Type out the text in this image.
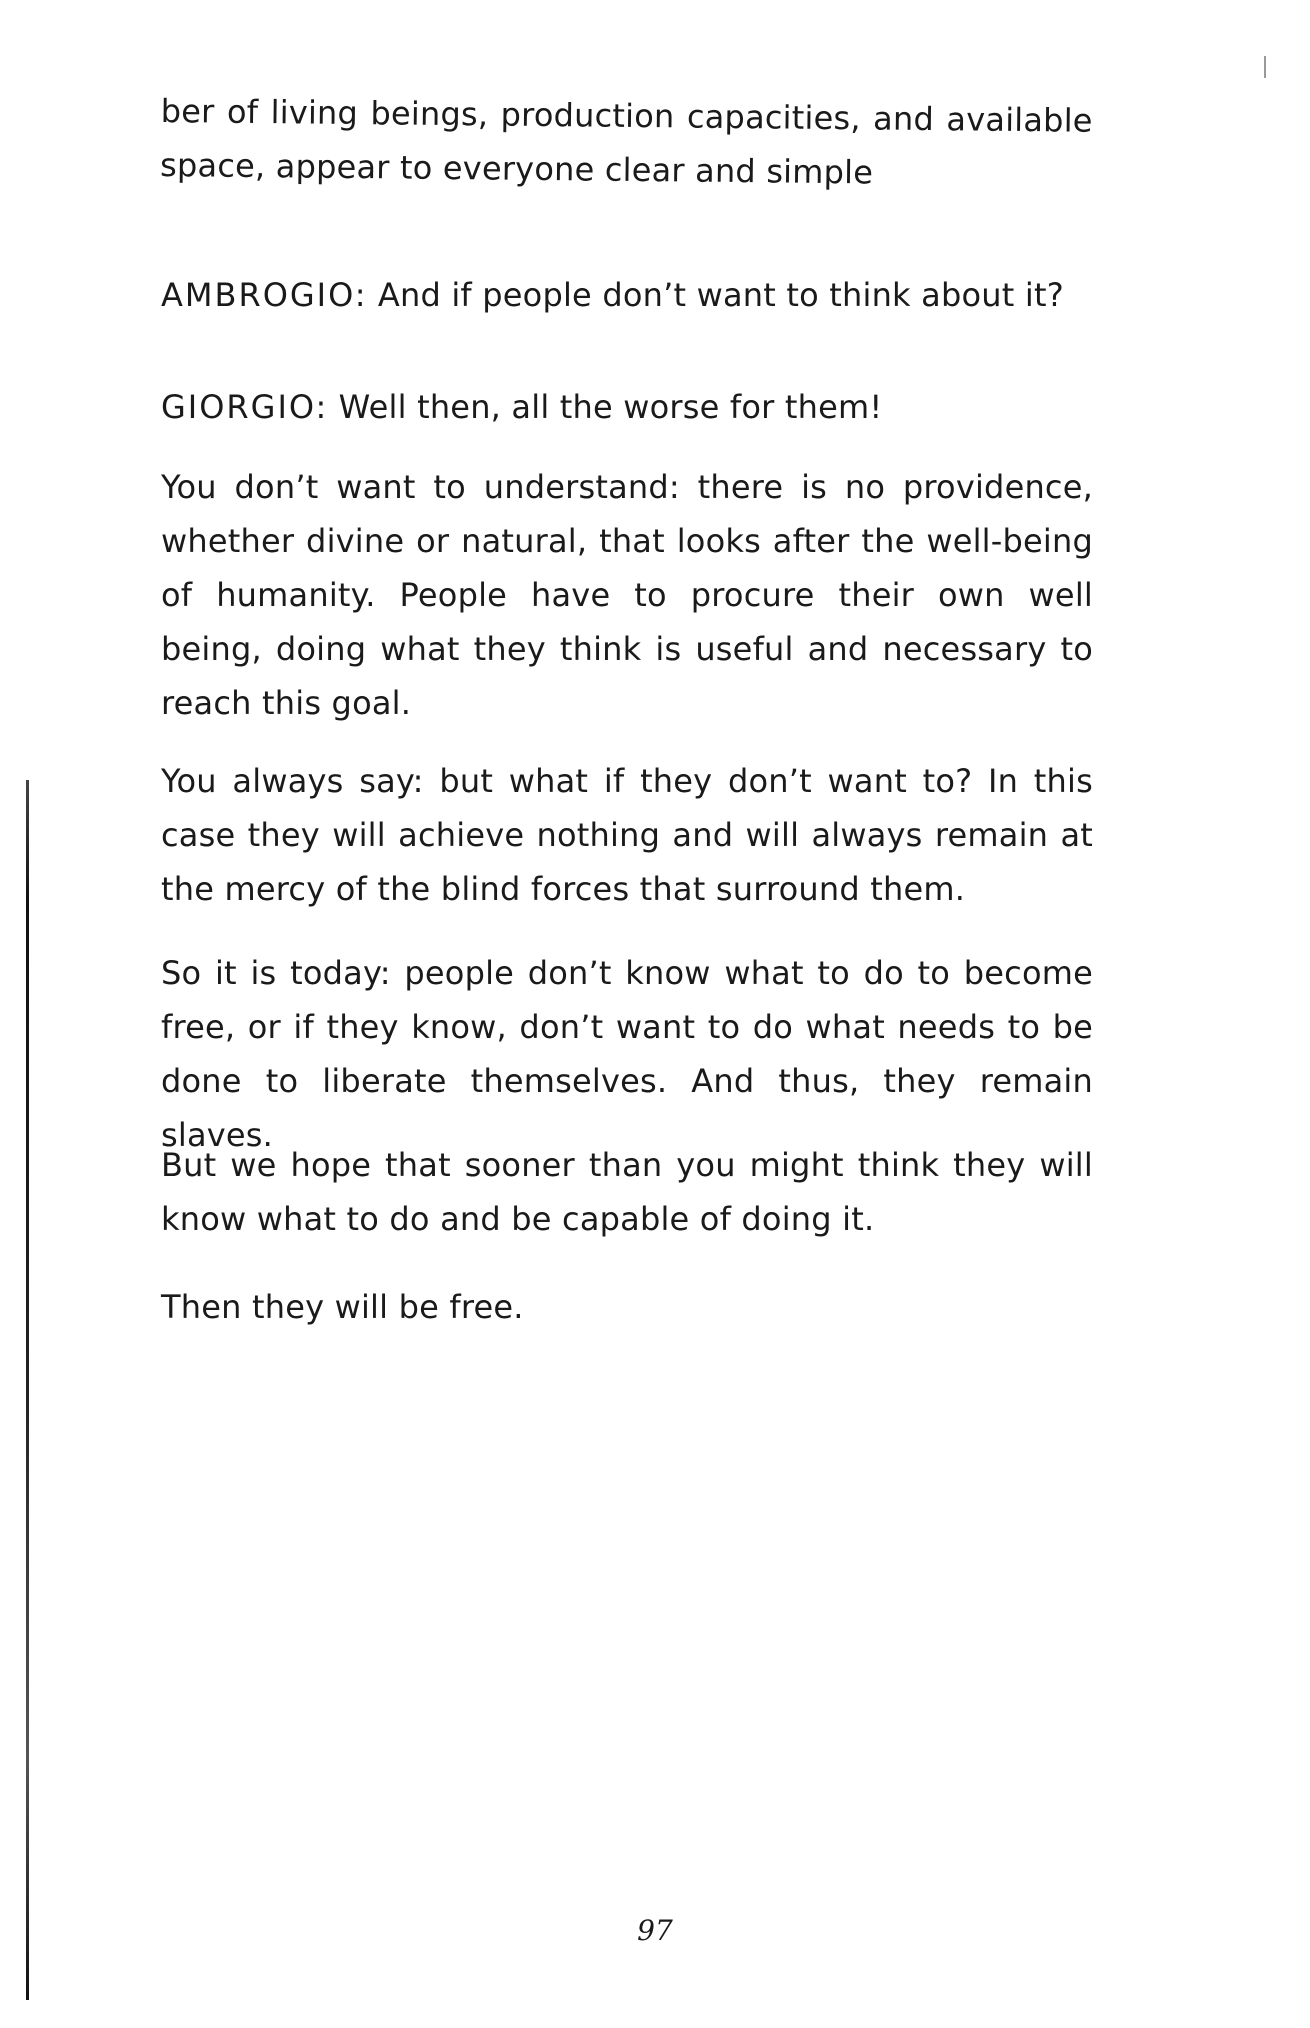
ber of living beings, production capacities, and available space, appear to everyone clear and simple

AMBROGIO: And if people don’t want to think about it?

GIORGIO: Well then, all the worse for them!

You don’t want to understand: there is no providence, whether divine or natural, that looks after the well-being of humanity. People have to procure their own well being, doing what they think is useful and necessary to reach this goal.

You always say: but what if they don’t want to? In this case they will achieve nothing and will always remain at the mercy of the blind forces that surround them.

So it is today: people don’t know what to do to become free, or if they know, don’t want to do what needs to be done to liberate themselves. And thus, they remain slaves.

But we hope that sooner than you might think they will know what to do and be capable of doing it.

Then they will be free.

97
